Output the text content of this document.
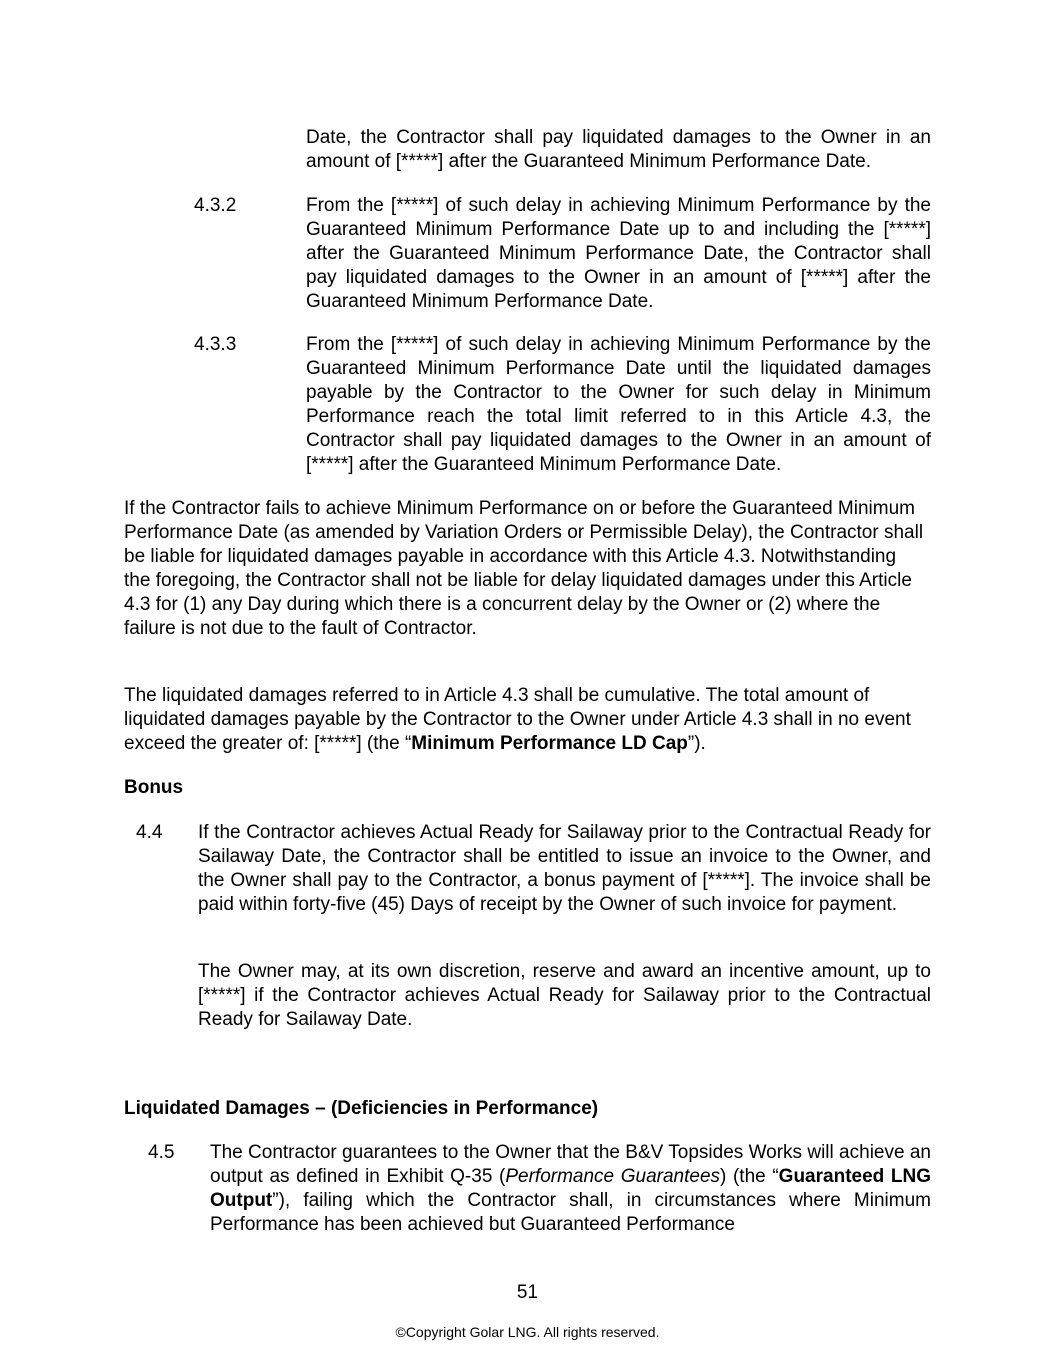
Date, the Contractor shall pay liquidated damages to the Owner in an amount of [*****] after the Guaranteed Minimum Performance Date.
4.3.2	From the [*****] of such delay in achieving Minimum Performance by the Guaranteed Minimum Performance Date up to and including the [*****] after the Guaranteed Minimum Performance Date, the Contractor shall pay liquidated damages to the Owner in an amount of [*****] after the Guaranteed Minimum Performance Date.
4.3.3	From the [*****] of such delay in achieving Minimum Performance by the Guaranteed Minimum Performance Date until the liquidated damages payable by the Contractor to the Owner for such delay in Minimum Performance reach the total limit referred to in this Article 4.3, the Contractor shall pay liquidated damages to the Owner in an amount of [*****] after the Guaranteed Minimum Performance Date.
If the Contractor fails to achieve Minimum Performance on or before the Guaranteed Minimum Performance Date (as amended by Variation Orders or Permissible Delay), the Contractor shall be liable for liquidated damages payable in accordance with this Article 4.3. Notwithstanding the foregoing, the Contractor shall not be liable for delay liquidated damages under this Article 4.3 for (1) any Day during which there is a concurrent delay by the Owner or (2) where the failure is not due to the fault of Contractor.
The liquidated damages referred to in Article 4.3 shall be cumulative. The total amount of liquidated damages payable by the Contractor to the Owner under Article 4.3 shall in no event exceed the greater of: [*****] (the “Minimum Performance LD Cap”).
Bonus
4.4 If the Contractor achieves Actual Ready for Sailaway prior to the Contractual Ready for Sailaway Date, the Contractor shall be entitled to issue an invoice to the Owner, and the Owner shall pay to the Contractor, a bonus payment of [*****]. The invoice shall be paid within forty-five (45) Days of receipt by the Owner of such invoice for payment.
The Owner may, at its own discretion, reserve and award an incentive amount, up to [*****] if the Contractor achieves Actual Ready for Sailaway prior to the Contractual Ready for Sailaway Date.
Liquidated Damages – (Deficiencies in Performance)
4.5 The Contractor guarantees to the Owner that the B&V Topsides Works will achieve an output as defined in Exhibit Q-35 (Performance Guarantees) (the “Guaranteed LNG Output”), failing which the Contractor shall, in circumstances where Minimum Performance has been achieved but Guaranteed Performance
51
©Copyright Golar LNG. All rights reserved.
